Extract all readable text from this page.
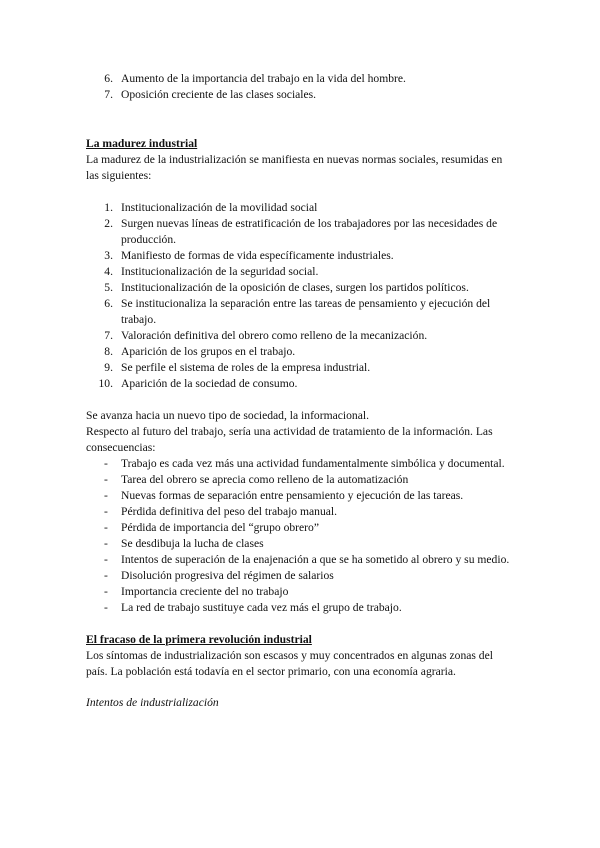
6. Aumento de la importancia del trabajo en la vida del hombre.
7. Oposición creciente de las clases sociales.

La madurez industrial

La madurez de la industrialización se manifiesta en nuevas normas sociales, resumidas en las siguientes:

1. Institucionalización de la movilidad social
2. Surgen nuevas líneas de estratificación de los trabajadores por las necesidades de producción.
3. Manifiesto de formas de vida específicamente industriales.
4. Institucionalización de la seguridad social.
5. Institucionalización de la oposición de clases, surgen los partidos políticos.
6. Se institucionaliza la separación entre las tareas de pensamiento y ejecución del trabajo.
7. Valoración definitiva del obrero como relleno de la mecanización.
8. Aparición de los grupos en el trabajo.
9. Se perfile el sistema de roles de la empresa industrial.
10. Aparición de la sociedad de consumo.

Se avanza hacia un nuevo tipo de sociedad, la informacional.

Respecto al futuro del trabajo, sería una actividad de tratamiento de la información. Las consecuencias:

- Trabajo es cada vez más una actividad fundamentalmente simbólica y documental.
- Tarea del obrero se aprecia como relleno de la automatización
- Nuevas formas de separación entre pensamiento y ejecución de las tareas.
- Pérdida definitiva del peso del trabajo manual.
- Pérdida de importancia del “grupo obrero”
- Se desdibuja la lucha de clases
- Intentos de superación de la enajenación a que se ha sometido al obrero y su medio.
- Disolución progresiva del régimen de salarios
- Importancia creciente del no trabajo
- La red de trabajo sustituye cada vez más el grupo de trabajo.

El fracaso de la primera revolución industrial

Los síntomas de industrialización son escasos y muy concentrados en algunas zonas del país. La población está todavía en el sector primario, con una economía agraria.

Intentos de industrialización
